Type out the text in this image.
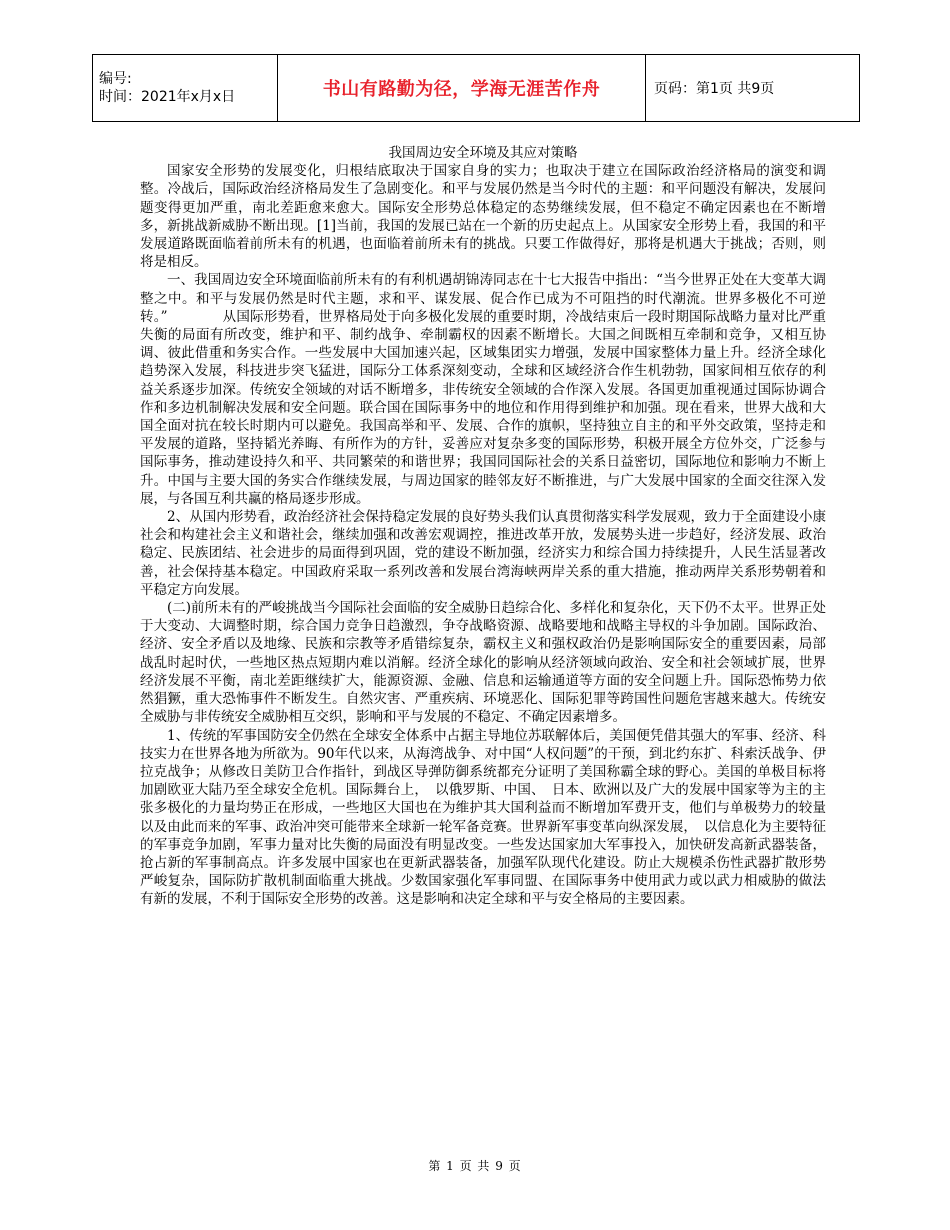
编号:
时间：2021年x月x日	书山有路勤为径，学海无涯苦作舟	页码：第1页 共9页

我国周边安全环境及其应对策略

国家安全形势的发展变化，归根结底取决于国家自身的实力；也取决于建立在国际政治经济格局的演变和调整。冷战后，国际政治经济格局发生了急剧变化。和平与发展仍然是当今时代的主题：和平问题没有解决，发展问题变得更加严重，南北差距愈来愈大。国际安全形势总体稳定的态势继续发展，但不稳定不确定因素也在不断增多，新挑战新威胁不断出现。[1]当前，我国的发展已站在一个新的历史起点上。从国家安全形势上看，我国的和平发展道路既面临着前所未有的机遇，也面临着前所未有的挑战。只要工作做得好，那将是机遇大于挑战；否则，则将是相反。

一、我国周边安全环境面临前所未有的有利机遇胡锦涛同志在十七大报告中指出：“当今世界正处在大变革大调整之中。和平与发展仍然是时代主题，求和平、谋发展、促合作已成为不可阻挡的时代潮流。世界多极化不可逆转。”　　　　从国际形势看，世界格局处于向多极化发展的重要时期，冷战结束后一段时期国际战略力量对比严重失衡的局面有所改变，维护和平、制约战争、牵制霸权的因素不断增长。大国之间既相互牵制和竞争，又相互协调、彼此借重和务实合作。一些发展中大国加速兴起，区域集团实力增强，发展中国家整体力量上升。经济全球化趋势深入发展，科技进步突飞猛进，国际分工体系深刻变动，全球和区域经济合作生机勃勃，国家间相互依存的利益关系逐步加深。传统安全领域的对话不断增多，非传统安全领域的合作深入发展。各国更加重视通过国际协调合作和多边机制解决发展和安全问题。联合国在国际事务中的地位和作用得到维护和加强。现在看来，世界大战和大国全面对抗在较长时期内可以避免。我国高举和平、发展、合作的旗帜，坚持独立自主的和平外交政策，坚持走和平发展的道路，坚持韬光养晦、有所作为的方针，妥善应对复杂多变的国际形势，积极开展全方位外交，广泛参与国际事务，推动建设持久和平、共同繁荣的和谐世界；我国同国际社会的关系日益密切，国际地位和影响力不断上升。中国与主要大国的务实合作继续发展，与周边国家的睦邻友好不断推进，与广大发展中国家的全面交往深入发展，与各国互利共赢的格局逐步形成。

2、从国内形势看，政治经济社会保持稳定发展的良好势头我们认真贯彻落实科学发展观，致力于全面建设小康社会和构建社会主义和谐社会，继续加强和改善宏观调控，推进改革开放，发展势头进一步趋好，经济发展、政治稳定、民族团结、社会进步的局面得到巩固，党的建设不断加强，经济实力和综合国力持续提升，人民生活显著改善，社会保持基本稳定。中国政府采取一系列改善和发展台湾海峡两岸关系的重大措施，推动两岸关系形势朝着和平稳定方向发展。

(二)前所未有的严峻挑战当今国际社会面临的安全威胁日趋综合化、多样化和复杂化，天下仍不太平。世界正处于大变动、大调整时期，综合国力竞争日趋激烈，争夺战略资源、战略要地和战略主导权的斗争加剧。国际政治、经济、安全矛盾以及地缘、民族和宗教等矛盾错综复杂，霸权主义和强权政治仍是影响国际安全的重要因素，局部战乱时起时伏，一些地区热点短期内难以消解。经济全球化的影响从经济领域向政治、安全和社会领域扩展，世界经济发展不平衡，南北差距继续扩大，能源资源、金融、信息和运输通道等方面的安全问题上升。国际恐怖势力依然猖獗，重大恐怖事件不断发生。自然灾害、严重疾病、环境恶化、国际犯罪等跨国性问题危害越来越大。传统安全威胁与非传统安全威胁相互交织，影响和平与发展的不稳定、不确定因素增多。

1、传统的军事国防安全仍然在全球安全体系中占据主导地位苏联解体后，美国便凭借其强大的军事、经济、科技实力在世界各地为所欲为。90年代以来，从海湾战争、对中国“人权问题”的干预，到北约东扩、科索沃战争、伊拉克战争；从修改日美防卫合作指针，到战区导弹防御系统都充分证明了美国称霸全球的野心。美国的单极目标将加剧欧亚大陆乃至全球安全危机。国际舞台上，　以俄罗斯、中国、　日本、欧洲以及广大的发展中国家等为主的主张多极化的力量均势正在形成，一些地区大国也在为维护其大国利益而不断增加军费开支，他们与单极势力的较量以及由此而来的军事、政治冲突可能带来全球新一轮军备竞赛。世界新军事变革向纵深发展，　以信息化为主要特征的军事竞争加剧，军事力量对比失衡的局面没有明显改变。一些发达国家加大军事投入，加快研发高新武器装备，抢占新的军事制高点。许多发展中国家也在更新武器装备，加强军队现代化建设。防止大规模杀伤性武器扩散形势严峻复杂，国际防扩散机制面临重大挑战。少数国家强化军事同盟、在国际事务中使用武力或以武力相威胁的做法有新的发展，不利于国际安全形势的改善。这是影响和决定全球和平与安全格局的主要因素。

第 1 页 共 9 页
